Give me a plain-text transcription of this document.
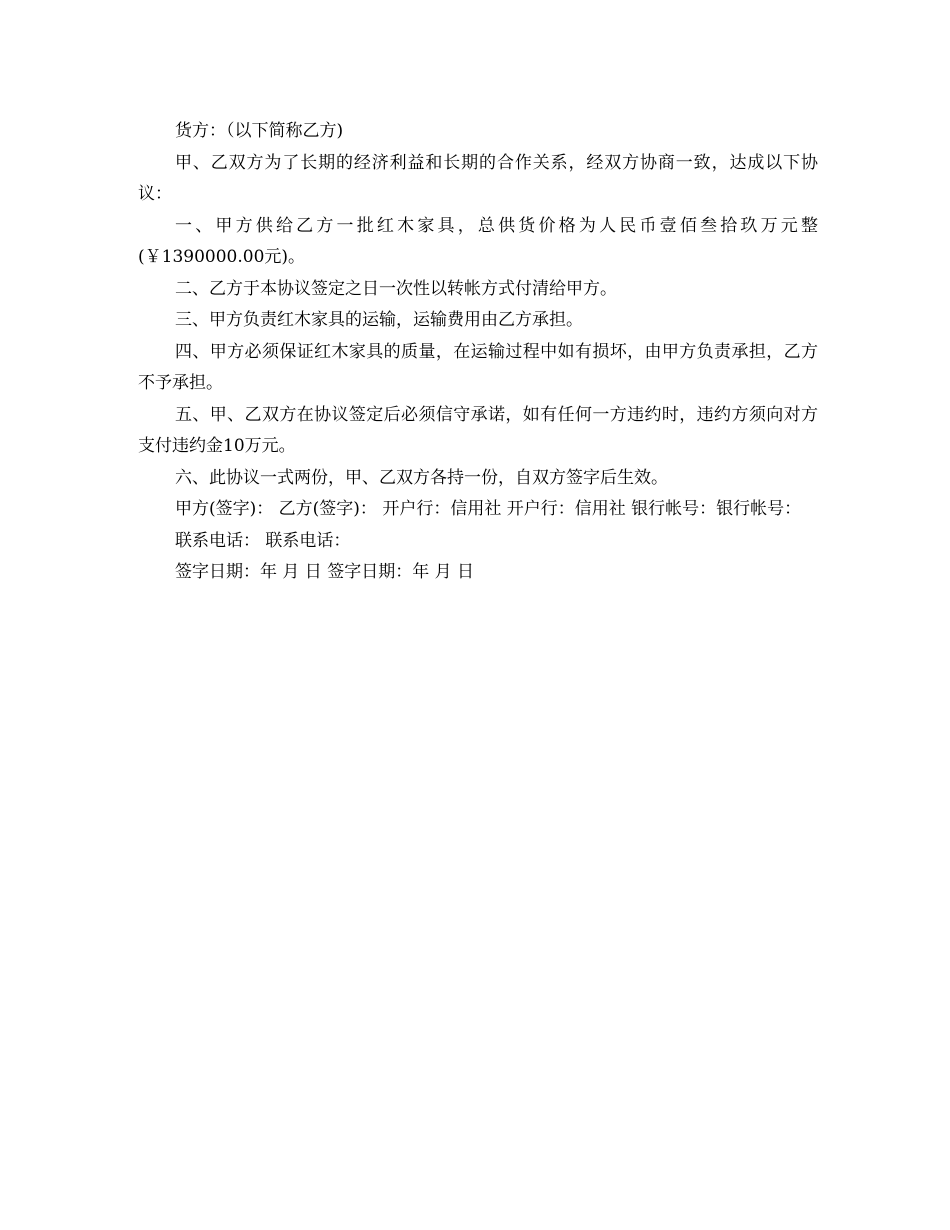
货方：（以下简称乙方)

甲、乙双方为了长期的经济利益和长期的合作关系，经双方协商一致，达成以下协议：

一、甲方供给乙方一批红木家具，总供货价格为人民币壹佰叁拾玖万元整(￥1390000.00元)。

二、乙方于本协议签定之日一次性以转帐方式付清给甲方。

三、甲方负责红木家具的运输，运输费用由乙方承担。

四、甲方必须保证红木家具的质量，在运输过程中如有损坏，由甲方负责承担，乙方不予承担。

五、甲、乙双方在协议签定后必须信守承诺，如有任何一方违约时，违约方须向对方支付违约金10万元。

六、此协议一式两份，甲、乙双方各持一份，自双方签字后生效。

甲方(签字)： 乙方(签字)： 开户行：信用社 开户行：信用社 银行帐号：银行帐号：

联系电话： 联系电话：

签字日期：年 月 日 签字日期：年 月 日
